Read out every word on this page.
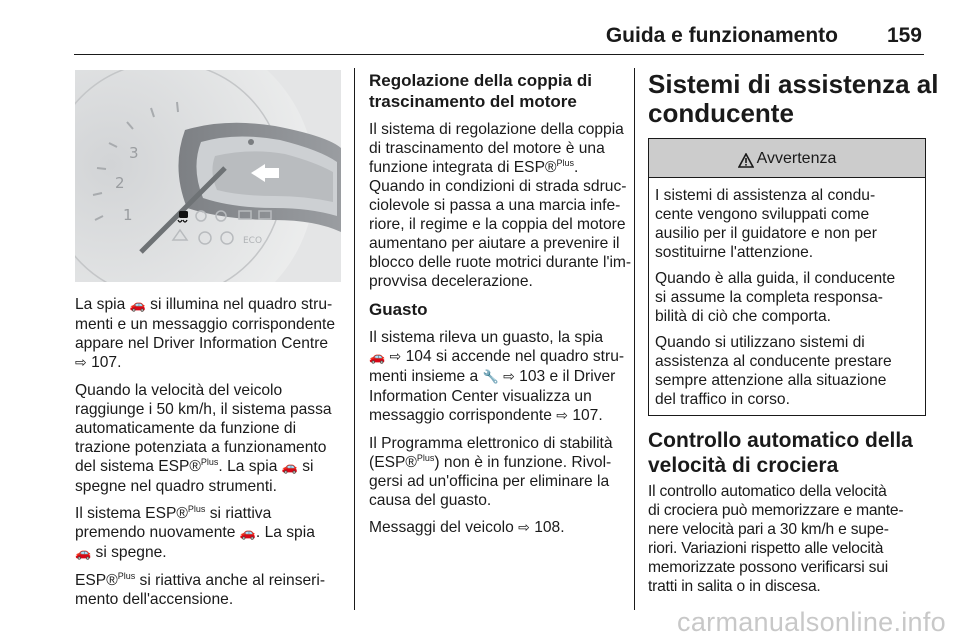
Guida e funzionamento 159
3
2
1
ECO

La spia 🚗 si illumina nel quadro stru-
menti e un messaggio corrispondente
appare nel Driver Information Centre
⇨ 107.

Quando la velocità del veicolo
raggiunge i 50 km/h, il sistema passa
automaticamente da funzione di
trazione potenziata a funzionamento
del sistema ESP®$^{Plus}$. La spia 🚗 si
spegne nel quadro strumenti.

Il sistema ESP®$^{Plus}$ si riattiva
premendo nuovamente 🚗. La spia
🚗 si spegne.

ESP®$^{Plus}$ si riattiva anche al reinseri-
mento dell'accensione.

Regolazione della coppia di
trascinamento del motore

Il sistema di regolazione della coppia
di trascinamento del motore è una
funzione integrata di ESP®$^{Plus}$.
Quando in condizioni di strada sdruc-
ciolevole si passa a una marcia infe-
riore, il regime e la coppia del motore
aumentano per aiutare a prevenire il
blocco delle ruote motrici durante l'im-
provvisa decelerazione.

Guasto

Il sistema rileva un guasto, la spia
🚗 ⇨ 104 si accende nel quadro stru-
menti insieme a 🔧 ⇨ 103 e il Driver
Information Center visualizza un
messaggio corrispondente ⇨ 107.

Il Programma elettronico di stabilità
(ESP®$^{Plus}$) non è in funzione. Rivol-
gersi ad un'officina per eliminare la
causa del guasto.

Messaggi del veicolo ⇨ 108.

Sistemi di assistenza al
conducente
Avvertenza

I sistemi di assistenza al condu-
cente vengono sviluppati come
ausilio per il guidatore e non per
sostituirne l'attenzione.

Quando è alla guida, il conducente
si assume la completa responsa-
bilità di ciò che comporta.

Quando si utilizzano sistemi di
assistenza al conducente prestare
sempre attenzione alla situazione
del traffico in corso.

Controllo automatico della
velocità di crociera

Il controllo automatico della velocità
di crociera può memorizzare e mante-
nere velocità pari a 30 km/h e supe-
riori. Variazioni rispetto alle velocità
memorizzate possono verificarsi sui
tratti in salita o in discesa.

carmanualsonline.info
